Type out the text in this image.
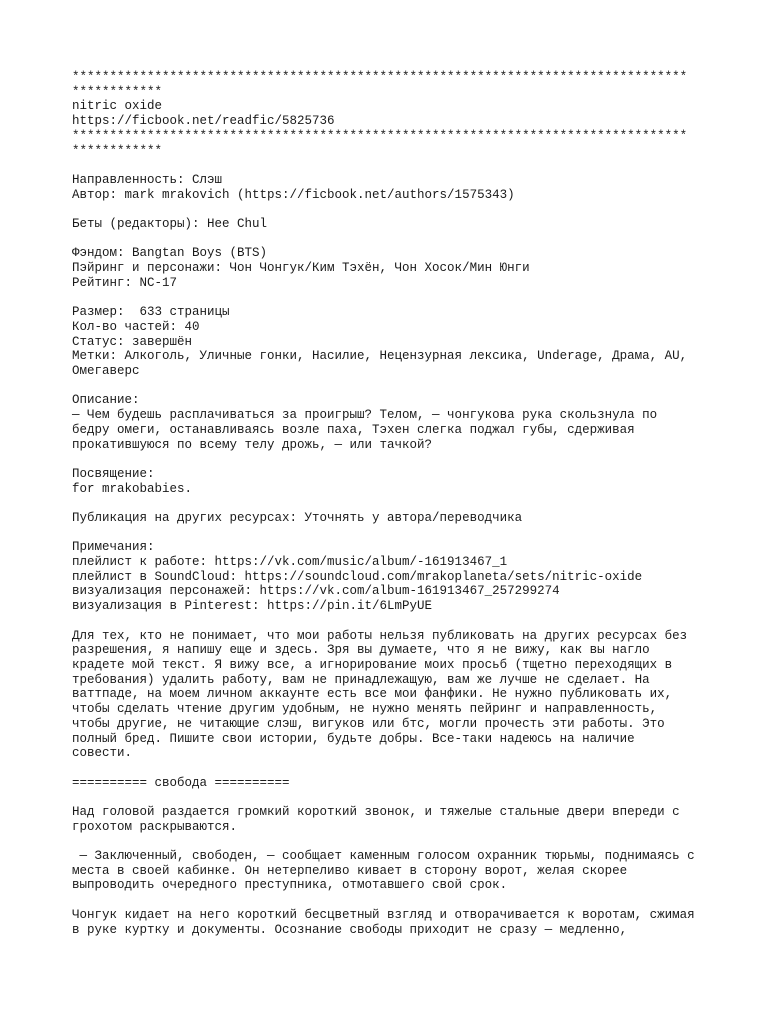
**********************************************************************************
************
nitric oxide
https://ficbook.net/readfic/5825736
**********************************************************************************
************
Направленность: Слэш
Автор: mark mrakovich (https://ficbook.net/authors/1575343)
Беты (редакторы): Hee Chul
Фэндом: Bangtan Boys (BTS)
Пэйринг и персонажи: Чон Чонгук/Ким Тэхён, Чон Хосок/Мин Юнги
Рейтинг: NC-17
Размер:  633 страницы
Кол-во частей: 40
Статус: завершён
Метки: Алкоголь, Уличные гонки, Насилие, Нецензурная лексика, Underage, Драма, AU,
Омегаверс
Описание:
— Чем будешь расплачиваться за проигрыш? Телом, — чонгукова рука скользнула по
бедру омеги, останавливаясь возле паха, Тэхен слегка поджал губы, сдерживая
прокатившуюся по всему телу дрожь, — или тачкой?
Посвящение:
for mrakobabies.
Публикация на других ресурсах: Уточнять у автора/переводчика
Примечания:
плейлист к работе: https://vk.com/music/album/-161913467_1
плейлист в SoundCloud: https://soundcloud.com/mrakoplaneta/sets/nitric-oxide
визуализация персонажей: https://vk.com/album-161913467_257299274
визуализация в Pinterest: https://pin.it/6LmPyUE
Для тех, кто не понимает, что мои работы нельзя публиковать на других ресурсах без
разрешения, я напишу еще и здесь. Зря вы думаете, что я не вижу, как вы нагло
крадете мой текст. Я вижу все, а игнорирование моих просьб (тщетно переходящих в
требования) удалить работу, вам не принадлежащую, вам же лучше не сделает. На
ваттпаде, на моем личном аккаунте есть все мои фанфики. Не нужно публиковать их,
чтобы сделать чтение другим удобным, не нужно менять пейринг и направленность,
чтобы другие, не читающие слэш, вигуков или бтс, могли прочесть эти работы. Это
полный бред. Пишите свои истории, будьте добры. Все-таки надеюсь на наличие
совести.
========== свобода ==========
Над головой раздается громкий короткий звонок, и тяжелые стальные двери впереди с
грохотом раскрываются.
— Заключенный, свободен, — сообщает каменным голосом охранник тюрьмы, поднимаясь с
места в своей кабинке. Он нетерпеливо кивает в сторону ворот, желая скорее
выпроводить очередного преступника, отмотавшего свой срок.
Чонгук кидает на него короткий бесцветный взгляд и отворачивается к воротам, сжимая
в руке куртку и документы. Осознание свободы приходит не сразу — медленно,
